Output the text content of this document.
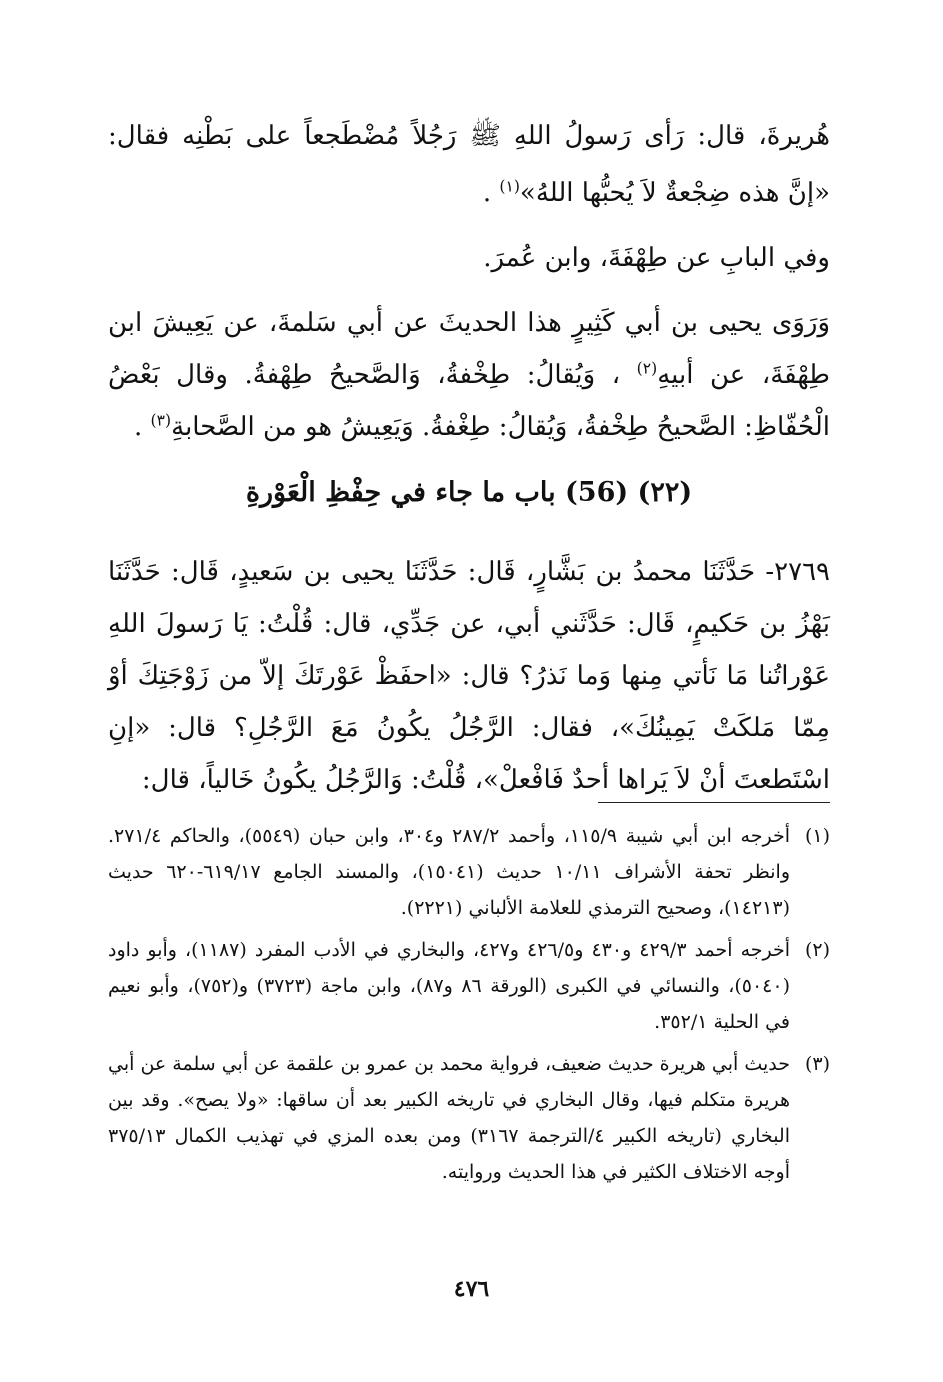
هُريرةَ، قال: رَأى رَسولُ اللهِ ﷺ رَجُلاً مُضْطَجعاً على بَطْنِه فقال: «إنَّ هذه ضِجْعةٌ لاَ يُحبُّها اللهُ»$^{(١)}$ .
وفي البابِ عن طِهْفَةَ، وابن عُمرَ.
وَرَوَى يحيى بن أبي كَثِيرٍ هذا الحديثَ عن أبي سَلمةَ، عن يَعِيشَ ابن طِهْفَةَ، عن أبيهِ$^{(٢)}$ ، وَيُقالُ: طِخْفةُ، وَالصَّحيحُ طِهْفةُ. وقال بَعْضُ الْحُفّاظِ: الصَّحيحُ طِخْفةُ، وَيُقالُ: طِغْفةُ. وَيَعِيشُ هو من الصَّحابةِ$^{(٣)}$ .
(٢٢) (56) باب ما جاء في حِفْظِ الْعَوْرةِ
٢٧٦٩- حَدَّثَنَا محمدُ بن بَشَّارٍ، قَال: حَدَّثَنَا يحيى بن سَعيدٍ، قَال: حَدَّثَنَا بَهْزُ بن حَكيمٍ، قَال: حَدَّثَني أبي، عن جَدِّي، قال: قُلْتُ: يَا رَسولَ اللهِ عَوْراتُنا مَا نَأتي مِنها وَما نَذرُ؟ قال: «احفَظْ عَوْرتَكَ إلاّ من زَوْجَتِكَ أوْ مِمّا مَلكَتْ يَمِينُكَ»، فقال: الرَّجُلُ يكُونُ مَعَ الرَّجُلِ؟ قال: «إنِ اسْتَطعتَ أنْ لاَ يَراها أحدٌ فَافْعلْ»، قُلْتُ: وَالرَّجُلُ يكُونُ خَالياً، قال:
(١)
أخرجه ابن أبي شيبة ١١٥/٩، وأحمد ٢٨٧/٢ و٣٠٤، وابن حبان (٥٥٤٩)، والحاكم ٢٧١/٤. وانظر تحفة الأشراف ١٠/١١ حديث (١٥٠٤١)، والمسند الجامع ٦١٩/١٧-٦٢٠ حديث (١٤٢١٣)، وصحيح الترمذي للعلامة الألباني (٢٢٢١).
(٢)
أخرجه أحمد ٤٢٩/٣ و٤٣٠ و٤٢٦/٥ و٤٢٧، والبخاري في الأدب المفرد (١١٨٧)، وأبو داود (٥٠٤٠)، والنسائي في الكبرى (الورقة ٨٦ و٨٧)، وابن ماجة (٣٧٢٣) و(٧٥٢)، وأبو نعيم في الحلية ٣٥٢/١.
(٣)
حديث أبي هريرة حديث ضعيف، فرواية محمد بن عمرو بن علقمة عن أبي سلمة عن أبي هريرة متكلم فيها، وقال البخاري في تاريخه الكبير بعد أن ساقها: «ولا يصح». وقد بين البخاري (تاريخه الكبير ٤/الترجمة ٣١٦٧) ومن بعده المزي في تهذيب الكمال ٣٧٥/١٣ أوجه الاختلاف الكثير في هذا الحديث وروايته.
٤٧٦
